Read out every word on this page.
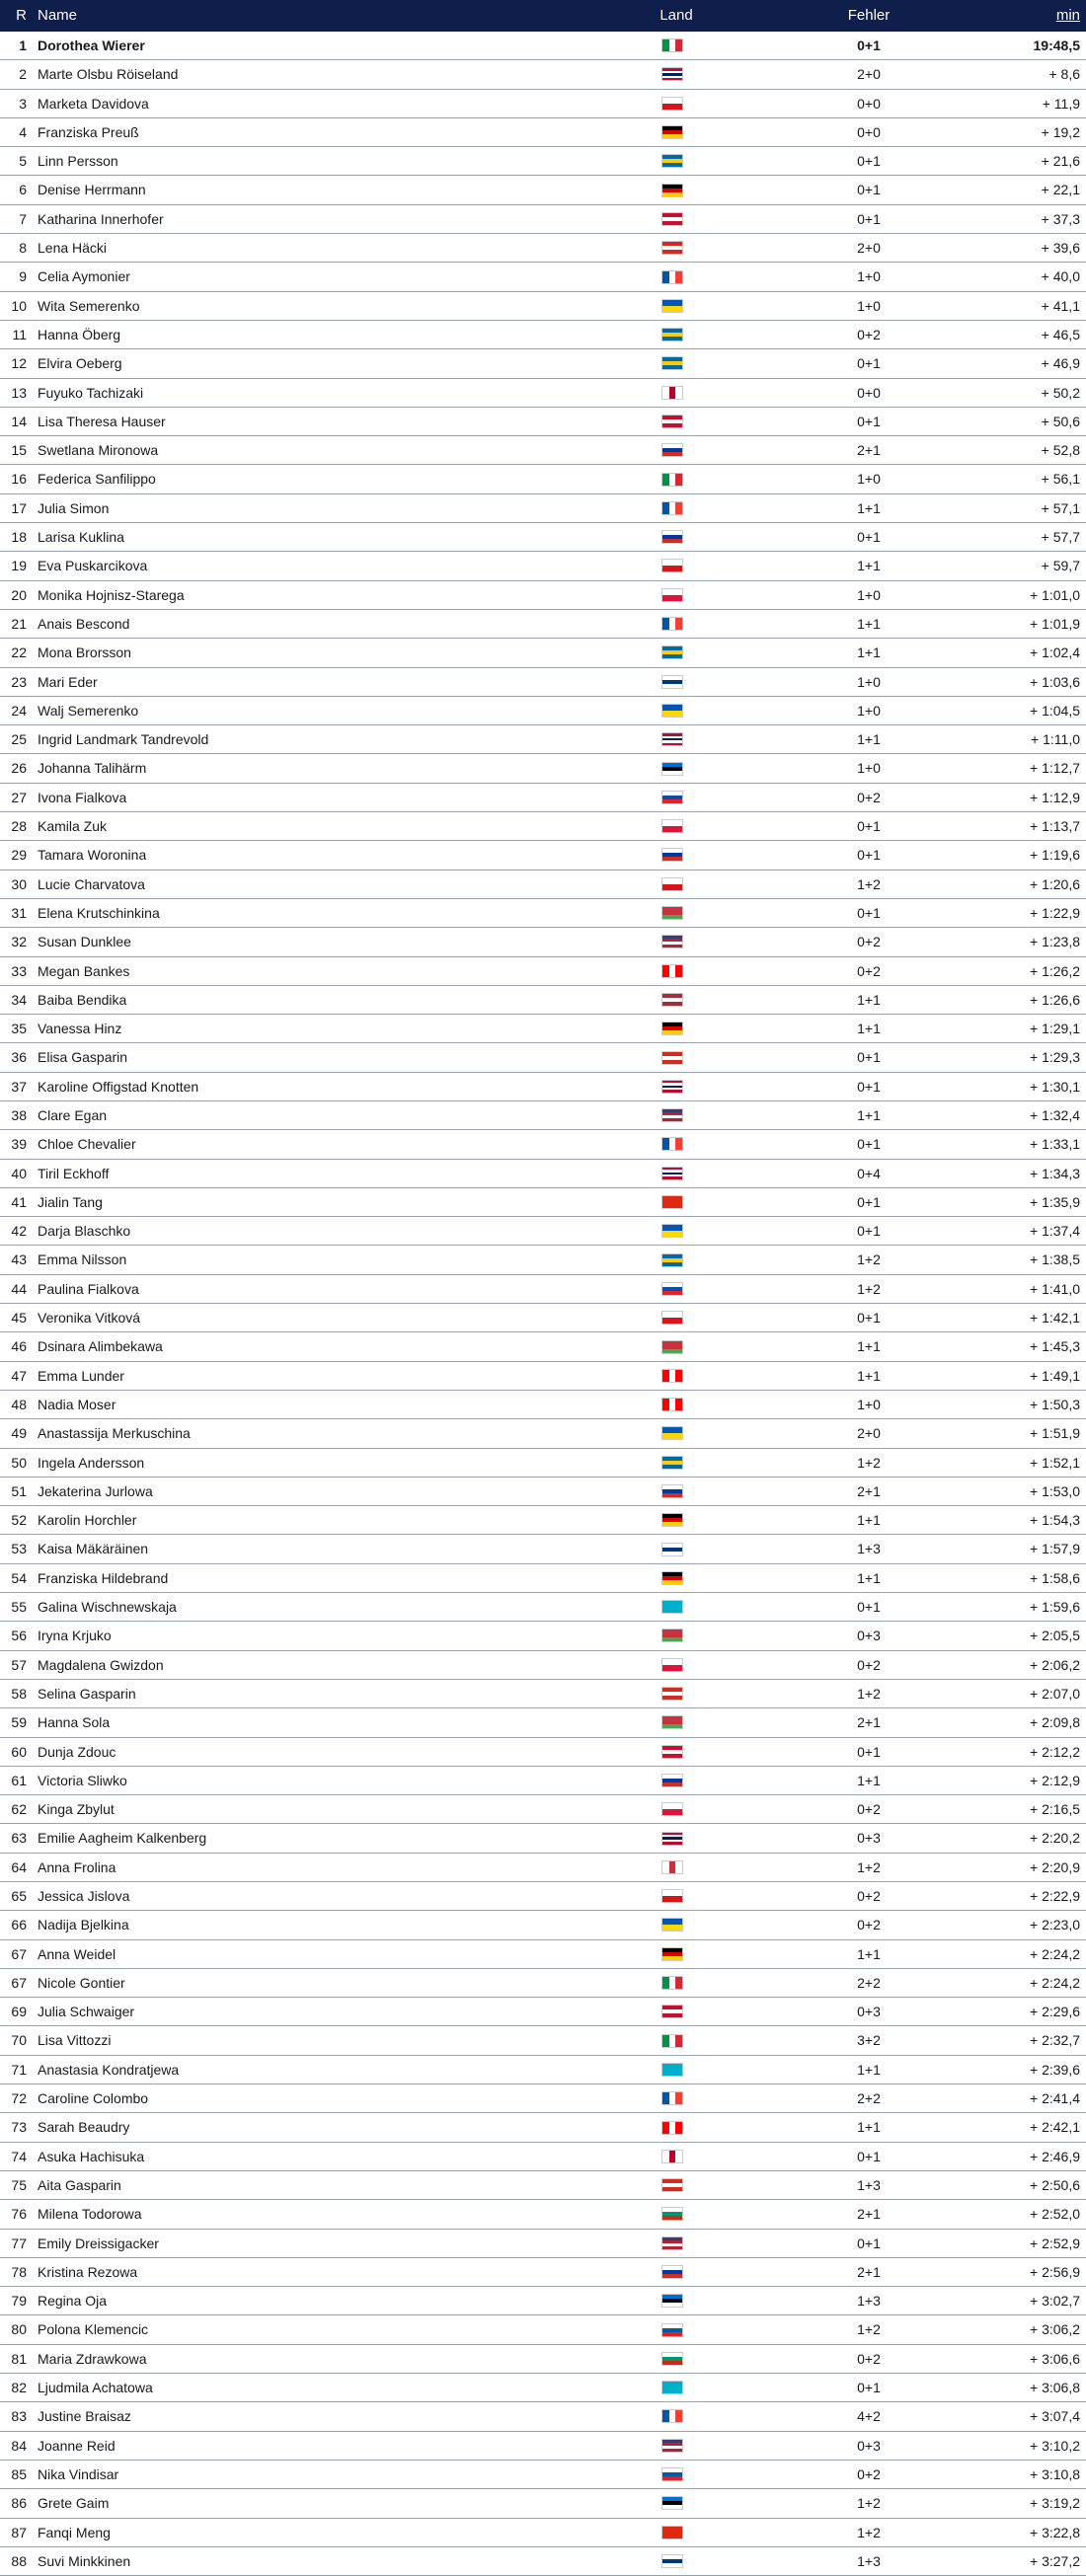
R Name	Land	Fehler	min
1 Dorothea Wierer	0+1	19:48,5
2 Marte Olsbu Röiseland	2+0	+ 8,6
3 Marketa Davidova	0+0	+ 11,9
4 Franziska Preuß	0+0	+ 19,2
5 Linn Persson	0+1	+ 21,6
6 Denise Herrmann	0+1	+ 22,1
7 Katharina Innerhofer	0+1	+ 37,3
8 Lena Häcki	2+0	+ 39,6
9 Celia Aymonier	1+0	+ 40,0
10 Wita Semerenko	1+0	+ 41,1
11 Hanna Öberg	0+2	+ 46,5
12 Elvira Oeberg	0+1	+ 46,9
13 Fuyuko Tachizaki	0+0	+ 50,2
14 Lisa Theresa Hauser	0+1	+ 50,6
15 Swetlana Mironowa	2+1	+ 52,8
16 Federica Sanfilippo	1+0	+ 56,1
17 Julia Simon	1+1	+ 57,1
18 Larisa Kuklina	0+1	+ 57,7
19 Eva Puskarcikova	1+1	+ 59,7
20 Monika Hojnisz-Starega	1+0	+ 1:01,0
21 Anais Bescond	1+1	+ 1:01,9
22 Mona Brorsson	1+1	+ 1:02,4
23 Mari Eder	1+0	+ 1:03,6
24 Walj Semerenko	1+0	+ 1:04,5
25 Ingrid Landmark Tandrevold	1+1	+ 1:11,0
26 Johanna Talihärm	1+0	+ 1:12,7
27 Ivona Fialkova	0+2	+ 1:12,9
28 Kamila Zuk	0+1	+ 1:13,7
29 Tamara Woronina	0+1	+ 1:19,6
30 Lucie Charvatova	1+2	+ 1:20,6
31 Elena Krutschinkina	0+1	+ 1:22,9
32 Susan Dunklee	0+2	+ 1:23,8
33 Megan Bankes	0+2	+ 1:26,2
34 Baiba Bendika	1+1	+ 1:26,6
35 Vanessa Hinz	1+1	+ 1:29,1
36 Elisa Gasparin	0+1	+ 1:29,3
37 Karoline Offigstad Knotten	0+1	+ 1:30,1
38 Clare Egan	1+1	+ 1:32,4
39 Chloe Chevalier	0+1	+ 1:33,1
40 Tiril Eckhoff	0+4	+ 1:34,3
41 Jialin Tang	0+1	+ 1:35,9
42 Darja Blaschko	0+1	+ 1:37,4
43 Emma Nilsson	1+2	+ 1:38,5
44 Paulina Fialkova	1+2	+ 1:41,0
45 Veronika Vitková	0+1	+ 1:42,1
46 Dsinara Alimbekawa	1+1	+ 1:45,3
47 Emma Lunder	1+1	+ 1:49,1
48 Nadia Moser	1+0	+ 1:50,3
49 Anastassija Merkuschina	2+0	+ 1:51,9
50 Ingela Andersson	1+2	+ 1:52,1
51 Jekaterina Jurlowa	2+1	+ 1:53,0
52 Karolin Horchler	1+1	+ 1:54,3
53 Kaisa Mäkäräinen	1+3	+ 1:57,9
54 Franziska Hildebrand	1+1	+ 1:58,6
55 Galina Wischnewskaja	0+1	+ 1:59,6
56 Iryna Krjuko	0+3	+ 2:05,5
57 Magdalena Gwizdon	0+2	+ 2:06,2
58 Selina Gasparin	1+2	+ 2:07,0
59 Hanna Sola	2+1	+ 2:09,8
60 Dunja Zdouc	0+1	+ 2:12,2
61 Victoria Sliwko	1+1	+ 2:12,9
62 Kinga Zbylut	0+2	+ 2:16,5
63 Emilie Aagheim Kalkenberg	0+3	+ 2:20,2
64 Anna Frolina	1+2	+ 2:20,9
65 Jessica Jislova	0+2	+ 2:22,9
66 Nadija Bjelkina	0+2	+ 2:23,0
67 Anna Weidel	1+1	+ 2:24,2
67 Nicole Gontier	2+2	+ 2:24,2
69 Julia Schwaiger	0+3	+ 2:29,6
70 Lisa Vittozzi	3+2	+ 2:32,7
71 Anastasia Kondratjewa	1+1	+ 2:39,6
72 Caroline Colombo	2+2	+ 2:41,4
73 Sarah Beaudry	1+1	+ 2:42,1
74 Asuka Hachisuka	0+1	+ 2:46,9
75 Aita Gasparin	1+3	+ 2:50,6
76 Milena Todorowa	2+1	+ 2:52,0
77 Emily Dreissigacker	0+1	+ 2:52,9
78 Kristina Rezowa	2+1	+ 2:56,9
79 Regina Oja	1+3	+ 3:02,7
80 Polona Klemencic	1+2	+ 3:06,2
81 Maria Zdrawkowa	0+2	+ 3:06,6
82 Ljudmila Achatowa	0+1	+ 3:06,8
83 Justine Braisaz	4+2	+ 3:07,4
84 Joanne Reid	0+3	+ 3:10,2
85 Nika Vindisar	0+2	+ 3:10,8
86 Grete Gaim	1+2	+ 3:19,2
87 Fanqi Meng	1+2	+ 3:22,8
88 Suvi Minkkinen	1+3	+ 3:27,2
